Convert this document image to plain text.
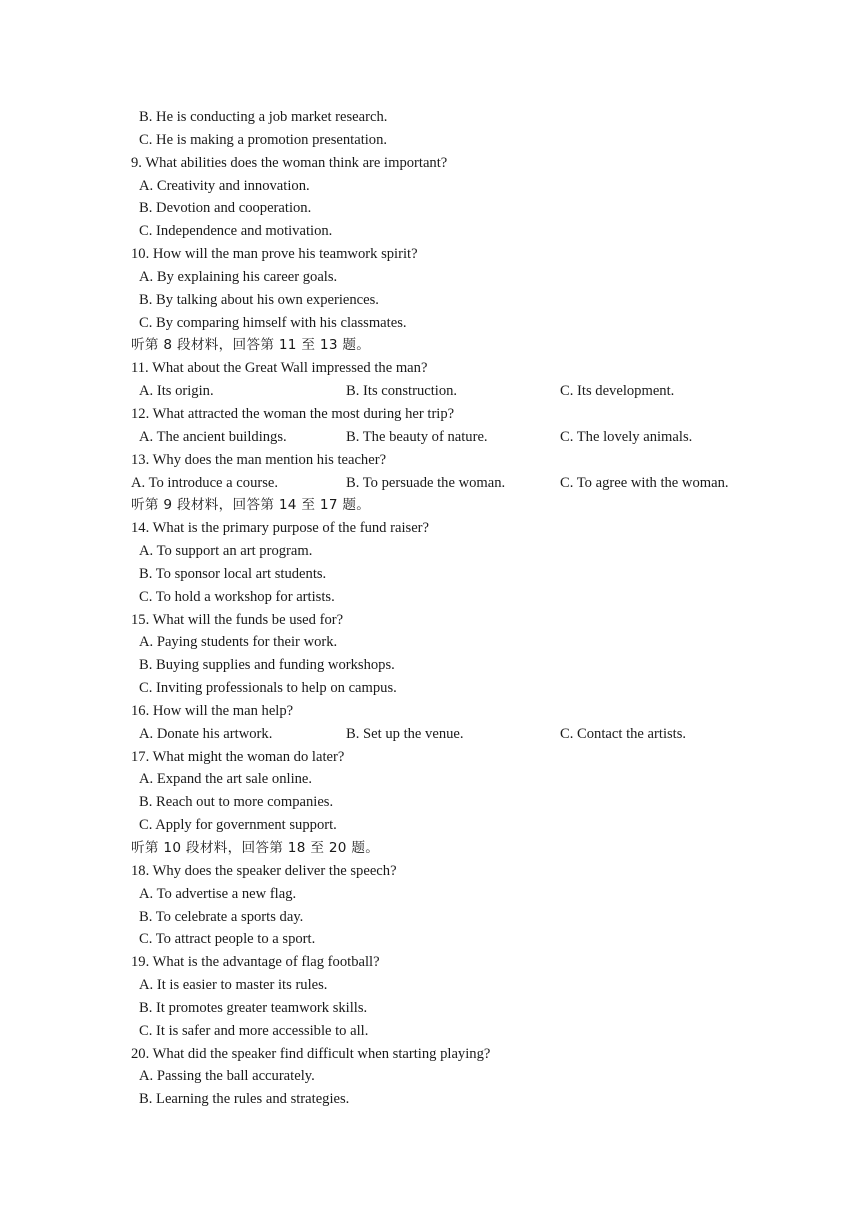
B. He is conducting a job market research.
C. He is making a promotion presentation.
9. What abilities does the woman think are important?
A. Creativity and innovation.
B. Devotion and cooperation.
C. Independence and motivation.
10. How will the man prove his teamwork spirit?
A. By explaining his career goals.
B. By talking about his own experiences.
C. By comparing himself with his classmates.
听第 8 段材料，回答第 11 至 13 题。
11. What about the Great Wall impressed the man?
A. Its origin.	B. Its construction.	C. Its development.
12. What attracted the woman the most during her trip?
A. The ancient buildings.	B. The beauty of nature.	C. The lovely animals.
13. Why does the man mention his teacher?
A. To introduce a course.	B. To persuade the woman.	C. To agree with the woman.
听第 9 段材料，回答第 14 至 17 题。
14. What is the primary purpose of the fund raiser?
A. To support an art program.
B. To sponsor local art students.
C. To hold a workshop for artists.
15. What will the funds be used for?
A. Paying students for their work.
B. Buying supplies and funding workshops.
C. Inviting professionals to help on campus.
16. How will the man help?
A. Donate his artwork.	B. Set up the venue.	C. Contact the artists.
17. What might the woman do later?
A. Expand the art sale online.
B. Reach out to more companies.
C. Apply for government support.
听第 10 段材料，回答第 18 至 20 题。
18. Why does the speaker deliver the speech?
A. To advertise a new flag.
B. To celebrate a sports day.
C. To attract people to a sport.
19. What is the advantage of flag football?
A. It is easier to master its rules.
B. It promotes greater teamwork skills.
C. It is safer and more accessible to all.
20. What did the speaker find difficult when starting playing?
A. Passing the ball accurately.
B. Learning the rules and strategies.
